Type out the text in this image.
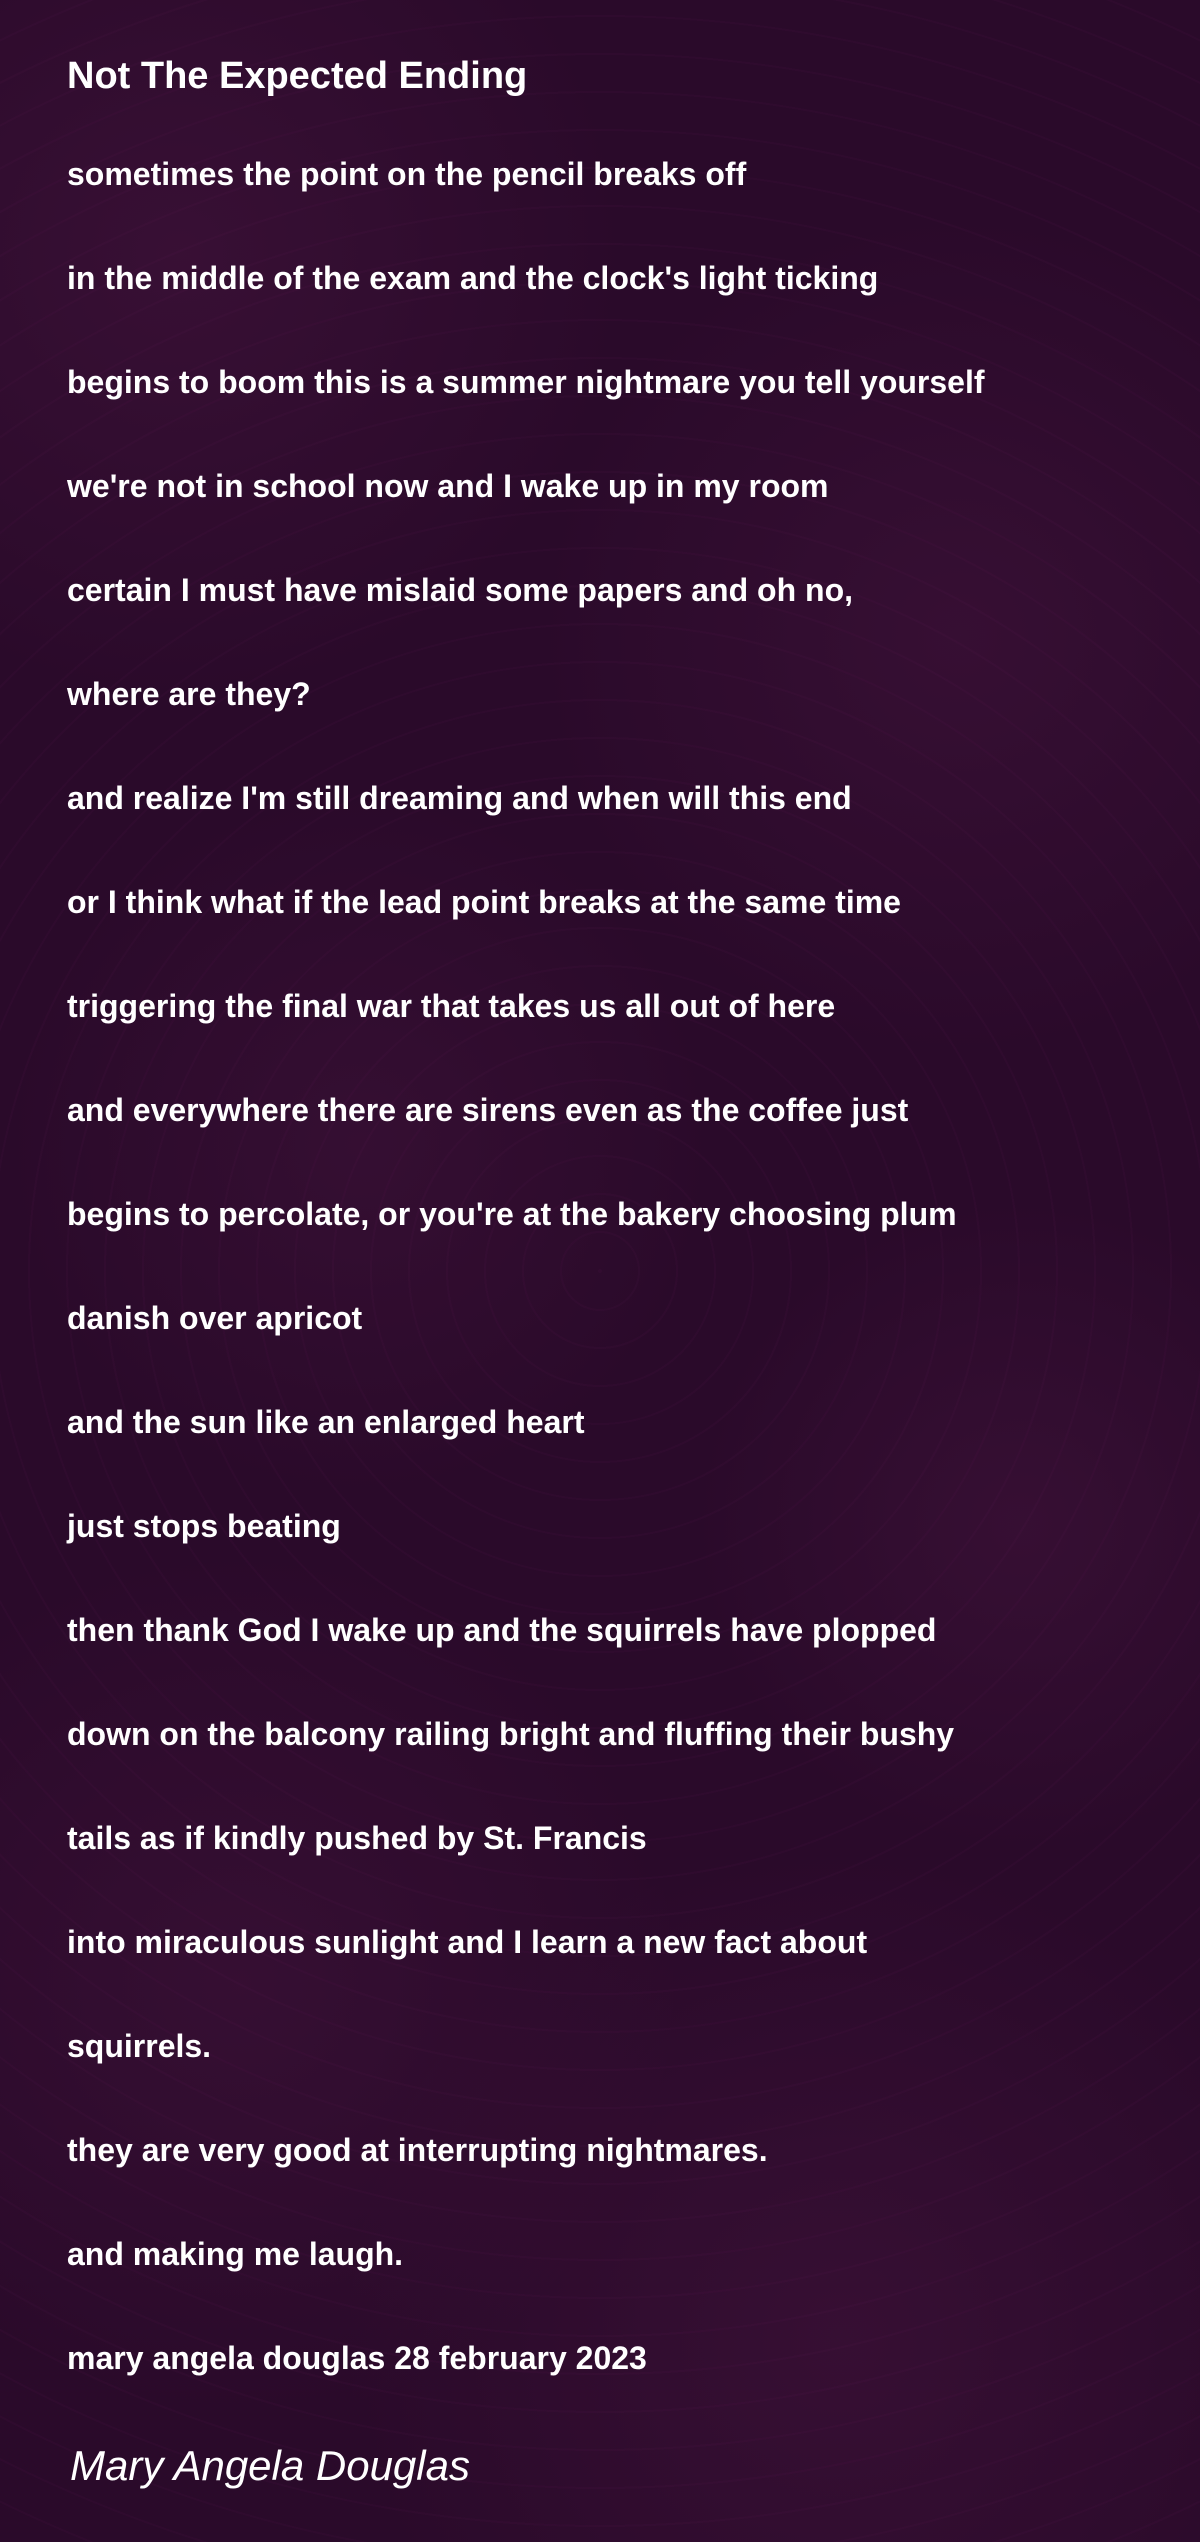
Not The Expected Ending
sometimes the point on the pencil breaks off
in the middle of the exam and the clock's light ticking
begins to boom this is a summer nightmare you tell yourself
we're not in school now and I wake up in my room
certain I must have mislaid some papers and oh no,
where are they?
and realize I'm still dreaming and when will this end
or I think what if the lead point breaks at the same time
triggering the final war that takes us all out of here
and everywhere there are sirens even as the coffee just
begins to percolate, or you're at the bakery choosing plum
danish over apricot
and the sun like an enlarged heart
just stops beating
then thank God I wake up and the squirrels have plopped
down on the balcony railing bright and fluffing their bushy
tails as if kindly pushed by St. Francis
into miraculous sunlight and I learn a new fact about
squirrels.
they are very good at interrupting nightmares.
and making me laugh.
mary angela douglas 28 february 2023
Mary Angela Douglas
